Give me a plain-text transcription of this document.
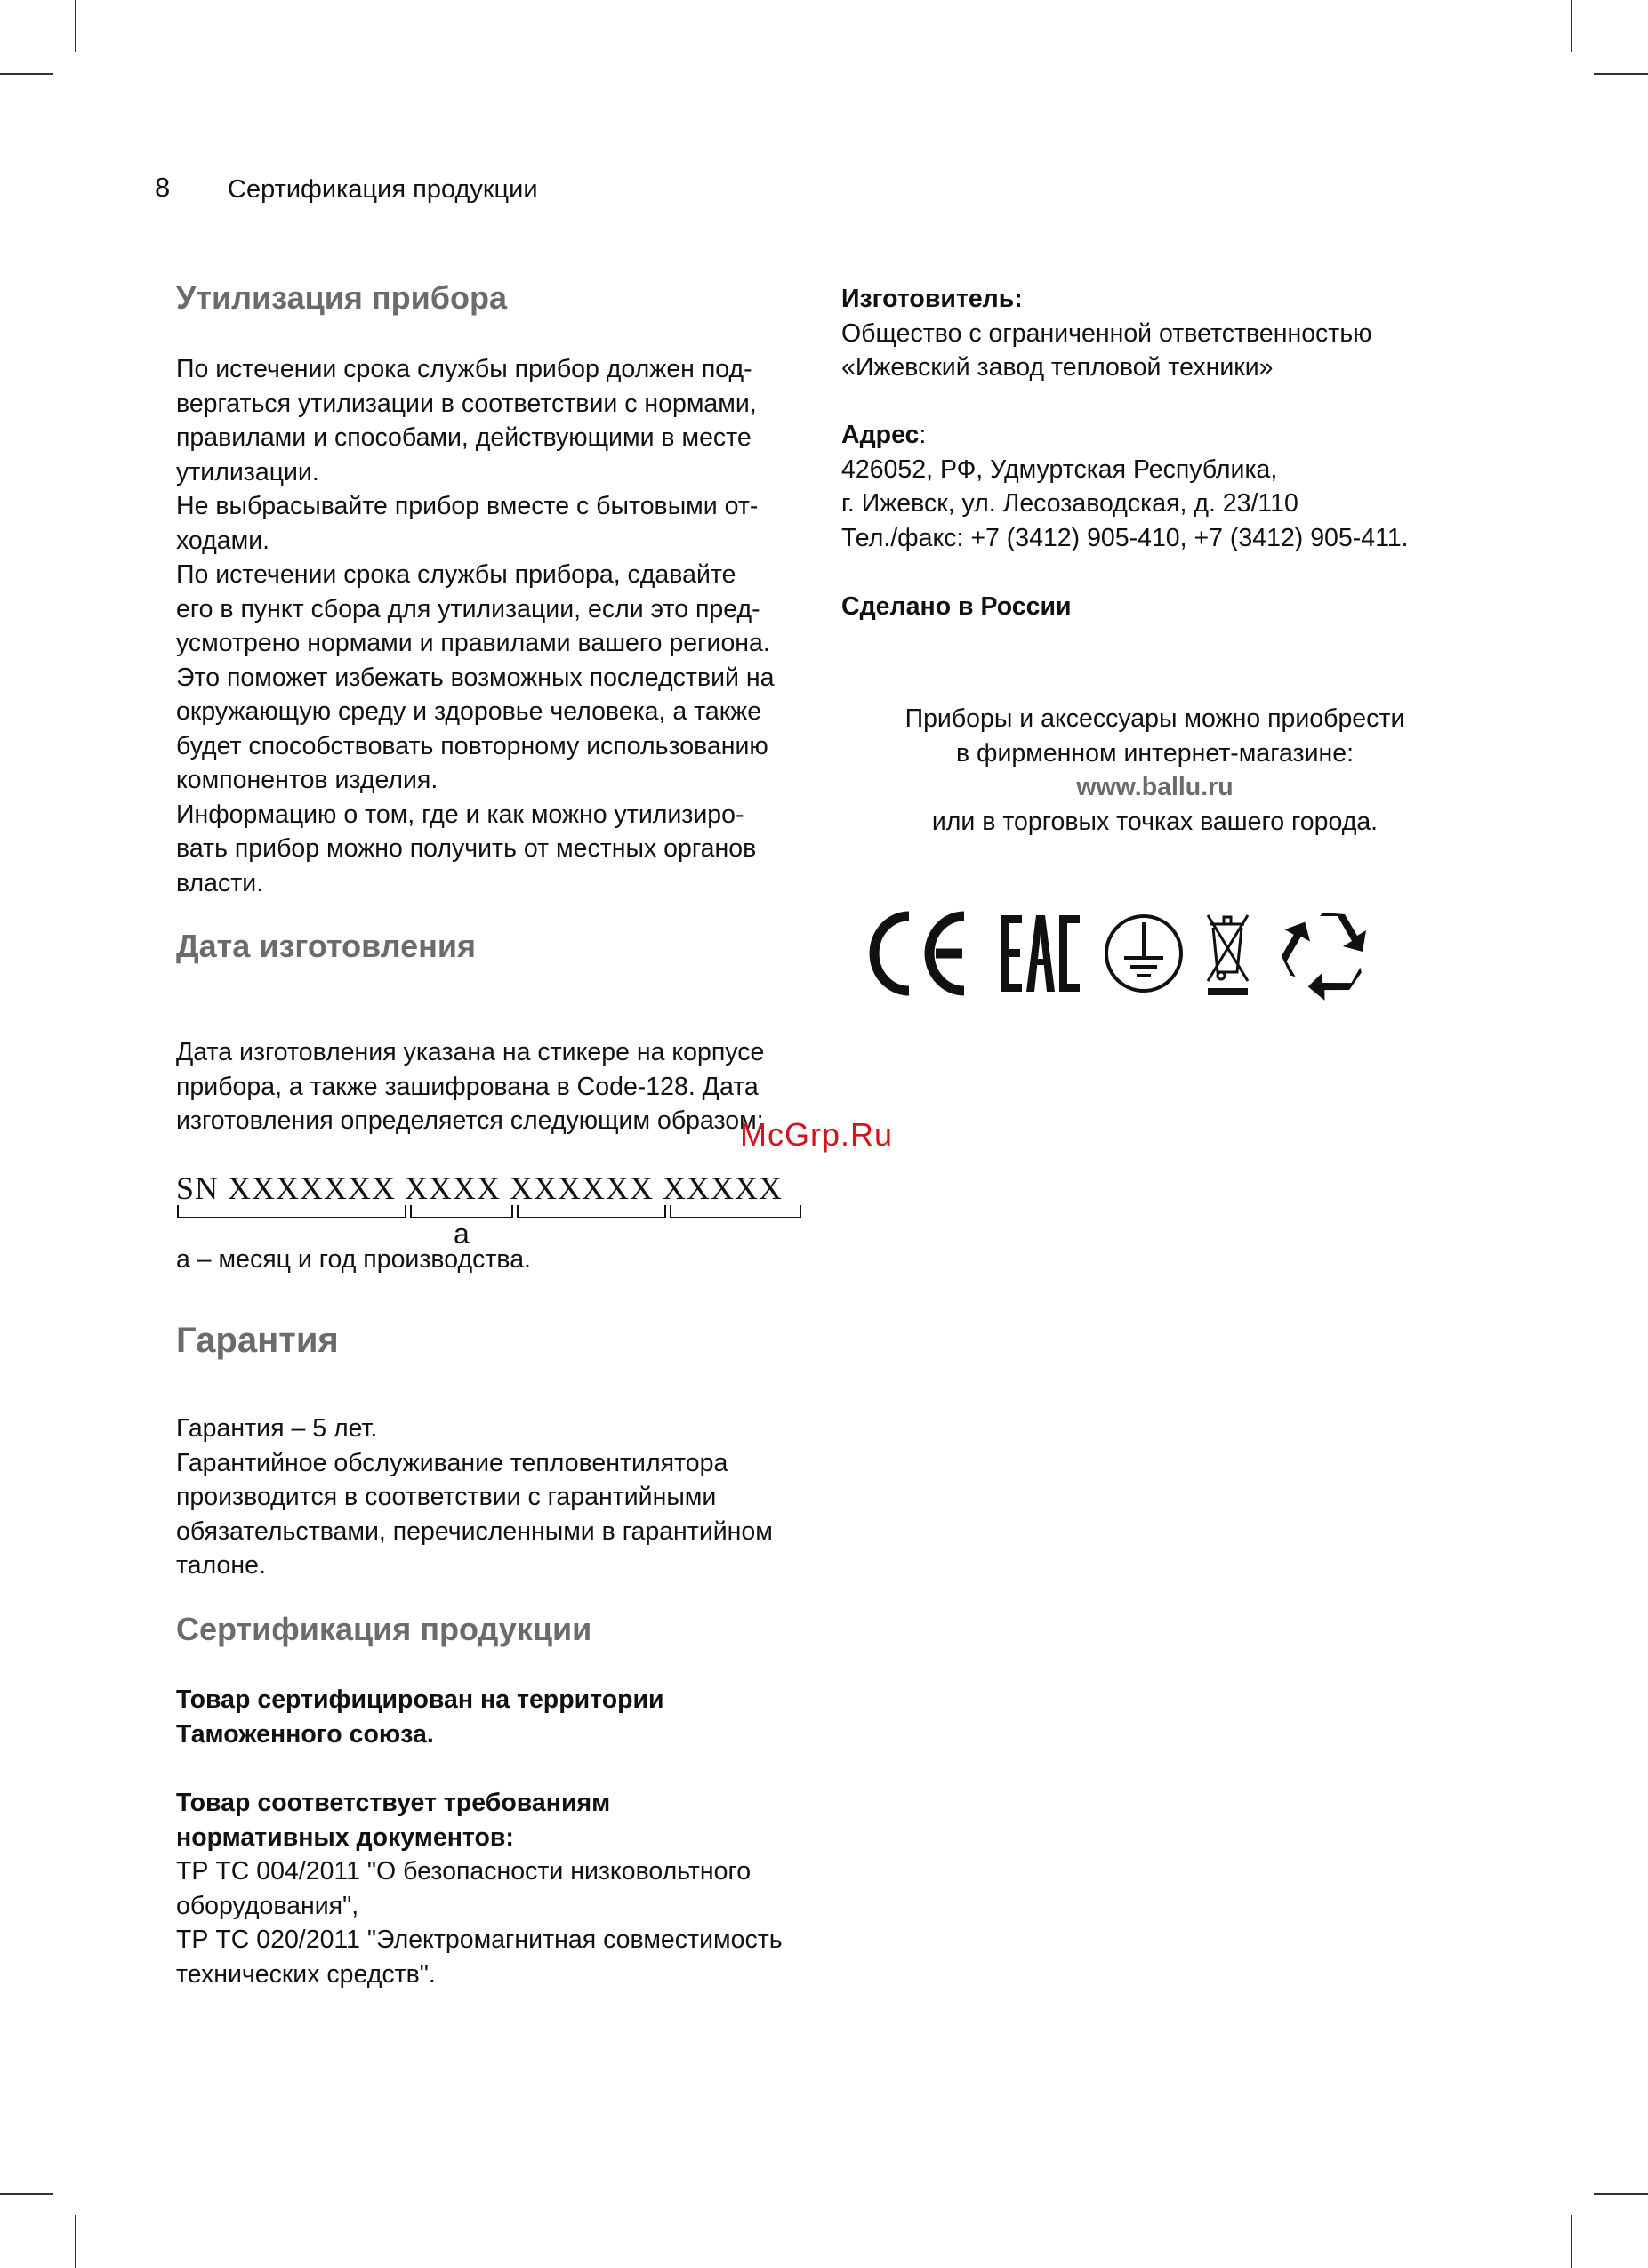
8 Сертификация продукции
Утилизация прибора

По истечении срока службы прибор должен под-

вергаться утилизации в соответствии с нормами,

правилами и способами, действующими в месте

утилизации.

Не выбрасывайте прибор вместе с бытовыми от-

ходами.

По истечении срока службы прибора, сдавайте

его в пункт сбора для утилизации, если это пред-

усмотрено нормами и правилами вашего региона.

Это поможет избежать возможных последствий на

окружающую среду и здоровье человека, а также

будет способствовать повторному использованию

компонентов изделия.

Информацию о том, где и как можно утилизиро-

вать прибор можно получить от местных органов

власти.

Дата изготовления

Дата изготовления указана на стикере на корпусе

прибора, а также зашифрована в Code-128. Дата

изготовления определяется следующим образом:

SN XXXXXXX XXXX XXXXXX XXXXX
a

a – месяц и год производства.

Гарантия

Гарантия – 5 лет.

Гарантийное обслуживание тепловентилятора

производится в соответствии с гарантийными

обязательствами, перечисленными в гарантийном

талоне.

Сертификация продукции

Товар сертифицирован на территории

Таможенного союза.

Товар соответствует требованиям

нормативных документов:

ТР ТС 004/2011 "О безопасности низковольтного

оборудования",

ТР ТС 020/2011 "Электромагнитная совместимость

технических средств".

Изготовитель:

Общество с ограниченной ответственностью

«Ижевский завод тепловой техники»

Адрес:

426052, РФ, Удмуртская Республика,

г. Ижевск, ул. Лесозаводская, д. 23/110

Тел./факс: +7 (3412) 905-410, +7 (3412) 905-411.

Сделано в России

Приборы и аксессуары можно приобрести

в фирменном интернет-магазине:

www.ballu.ru

или в торговых точках вашего города.

McGrp.Ru
